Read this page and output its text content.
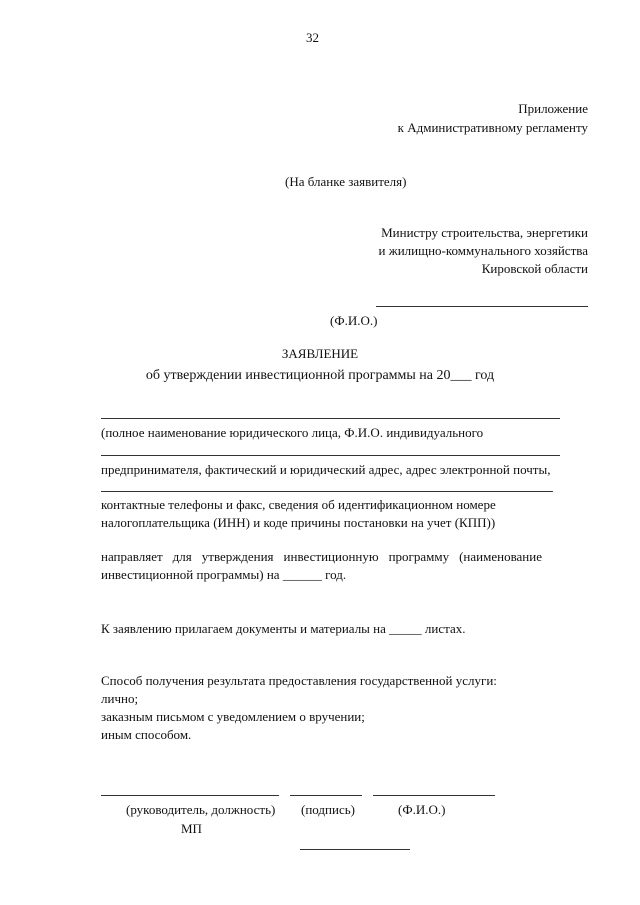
32
Приложение
к Административному регламенту
(На бланке заявителя)
Министру строительства, энергетики
и жилищно-коммунального хозяйства
Кировской области
(Ф.И.О.)
ЗАЯВЛЕНИЕ
об утверждении инвестиционной программы на 20___ год
(полное наименование юридического лица, Ф.И.О. индивидуального
предпринимателя, фактический и юридический адрес, адрес электронной почты,
контактные телефоны и факс, сведения об идентификационном номере
налогоплательщика (ИНН) и коде причины постановки на учет (КПП))
направляет для утверждения инвестиционную программу (наименование
инвестиционной программы) на ______ год.
К заявлению прилагаем документы и материалы на _____ листах.
Способ получения результата предоставления государственной услуги:
лично;
заказным письмом с уведомлением о вручении;
иным способом.
(руководитель, должность) (подпись)	(Ф.И.О.)
МП
